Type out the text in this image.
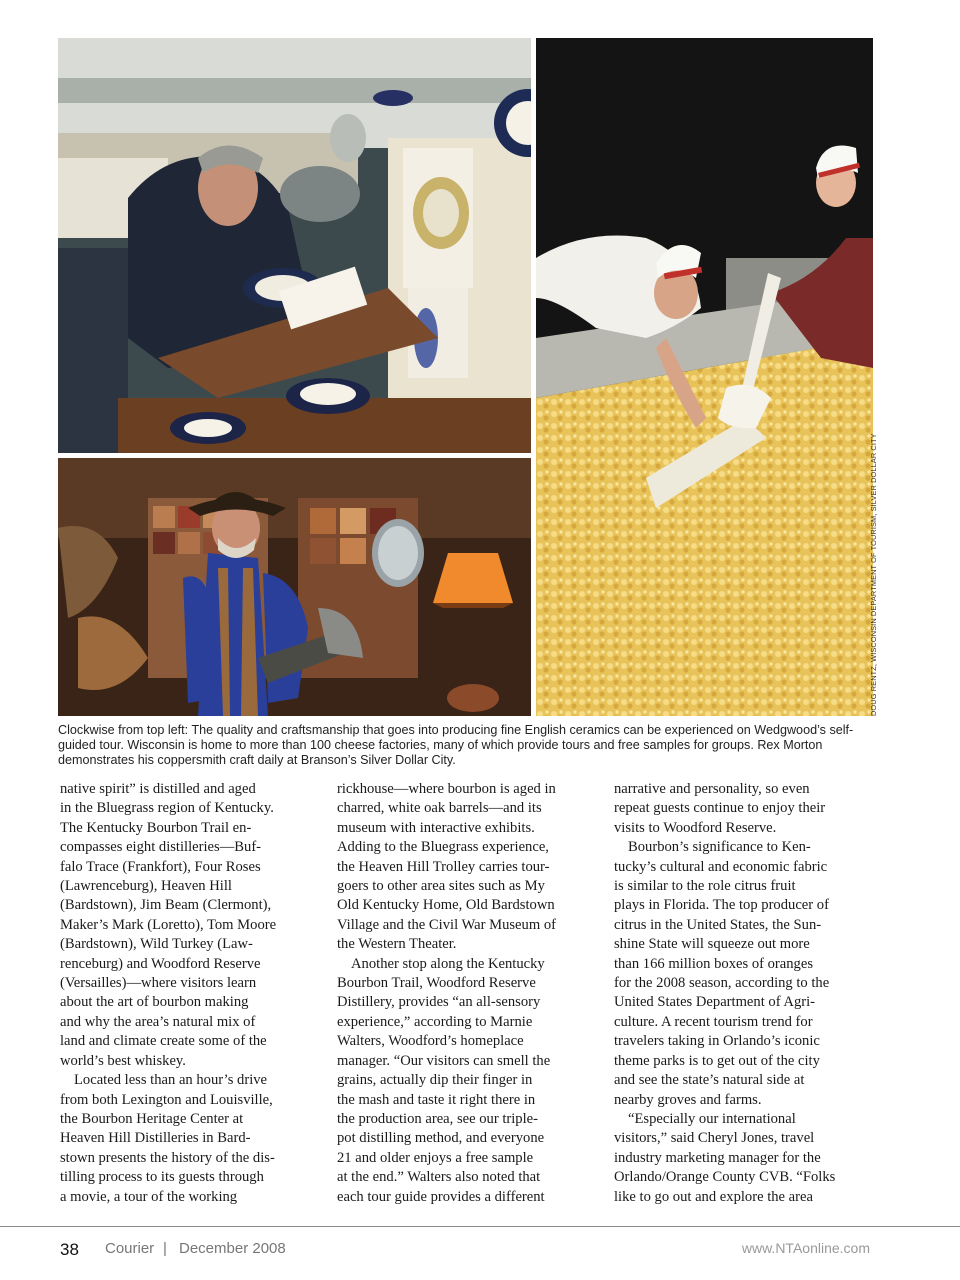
DOUG RENTZ, WISCONSIN DEPARTMENT OF TOURISM, SILVER DOLLAR CITY
Clockwise from top left: The quality and craftsmanship that goes into producing fine English ceramics can be experienced on Wedgwood’s self-guided tour. Wisconsin is home to more than 100 cheese factories, many of which provide tours and free samples for groups. Rex Morton demonstrates his coppersmith craft daily at Branson’s Silver Dollar City.

native spirit” is distilled and aged
in the Bluegrass region of Kentucky.
The Kentucky Bourbon Trail en-
compasses eight distilleries—Buf-
falo Trace (Frankfort), Four Roses
(Lawrenceburg), Heaven Hill
(Bardstown), Jim Beam (Clermont),
Maker’s Mark (Loretto), Tom Moore
(Bardstown), Wild Turkey (Law-
renceburg) and Woodford Reserve
(Versailles)—where visitors learn
about the art of bourbon making
and why the area’s natural mix of
land and climate create some of the
world’s best whiskey.
Located less than an hour’s drive
from both Lexington and Louisville,
the Bourbon Heritage Center at
Heaven Hill Distilleries in Bard-
stown presents the history of the dis-
tilling process to its guests through
a movie, a tour of the working

rickhouse—where bourbon is aged in
charred, white oak barrels—and its
museum with interactive exhibits.
Adding to the Bluegrass experience,
the Heaven Hill Trolley carries tour-
goers to other area sites such as My
Old Kentucky Home, Old Bardstown
Village and the Civil War Museum of
the Western Theater.
Another stop along the Kentucky
Bourbon Trail, Woodford Reserve
Distillery, provides “an all-sensory
experience,” according to Marnie
Walters, Woodford’s homeplace
manager. “Our visitors can smell the
grains, actually dip their finger in
the mash and taste it right there in
the production area, see our triple-
pot distilling method, and everyone
21 and older enjoys a free sample
at the end.” Walters also noted that
each tour guide provides a different

narrative and personality, so even
repeat guests continue to enjoy their
visits to Woodford Reserve.
Bourbon’s significance to Ken-
tucky’s cultural and economic fabric
is similar to the role citrus fruit
plays in Florida. The top producer of
citrus in the United States, the Sun-
shine State will squeeze out more
than 166 million boxes of oranges
for the 2008 season, according to the
United States Department of Agri-
culture. A recent tourism trend for
travelers taking in Orlando’s iconic
theme parks is to get out of the city
and see the state’s natural side at
nearby groves and farms.
“Especially our international
visitors,” said Cheryl Jones, travel
industry marketing manager for the
Orlando/Orange County CVB. “Folks
like to go out and explore the area

38 Courier | December 2008	www.NTAonline.com
